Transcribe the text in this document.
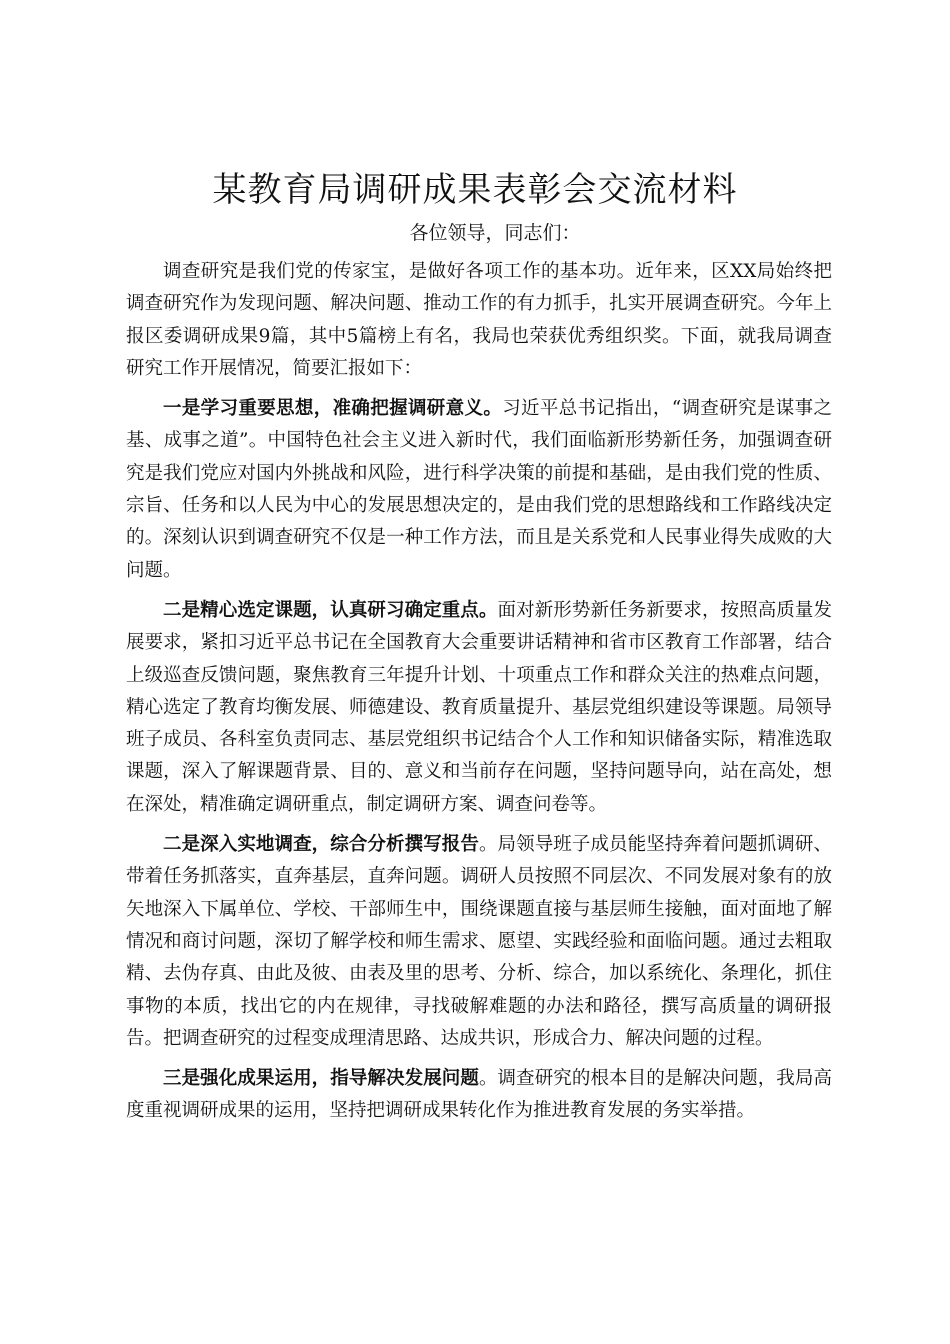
某教育局调研成果表彰会交流材料

各位领导，同志们：

调查研究是我们党的传家宝，是做好各项工作的基本功。近年来，区XX局始终把调查研究作为发现问题、解决问题、推动工作的有力抓手，扎实开展调查研究。今年上报区委调研成果9篇，其中5篇榜上有名，我局也荣获优秀组织奖。下面，就我局调查研究工作开展情况，简要汇报如下：

一是学习重要思想，准确把握调研意义。习近平总书记指出，“调查研究是谋事之基、成事之道”。中国特色社会主义进入新时代，我们面临新形势新任务，加强调查研究是我们党应对国内外挑战和风险，进行科学决策的前提和基础，是由我们党的性质、宗旨、任务和以人民为中心的发展思想决定的，是由我们党的思想路线和工作路线决定的。深刻认识到调查研究不仅是一种工作方法，而且是关系党和人民事业得失成败的大问题。

二是精心选定课题，认真研习确定重点。面对新形势新任务新要求，按照高质量发展要求，紧扣习近平总书记在全国教育大会重要讲话精神和省市区教育工作部署，结合上级巡查反馈问题，聚焦教育三年提升计划、十项重点工作和群众关注的热难点问题，精心选定了教育均衡发展、师德建设、教育质量提升、基层党组织建设等课题。局领导班子成员、各科室负责同志、基层党组织书记结合个人工作和知识储备实际，精准选取课题，深入了解课题背景、目的、意义和当前存在问题，坚持问题导向，站在高处，想在深处，精准确定调研重点，制定调研方案、调查问卷等。

二是深入实地调查，综合分析撰写报告。局领导班子成员能坚持奔着问题抓调研、带着任务抓落实，直奔基层，直奔问题。调研人员按照不同层次、不同发展对象有的放矢地深入下属单位、学校、干部师生中，围绕课题直接与基层师生接触，面对面地了解情况和商讨问题，深切了解学校和师生需求、愿望、实践经验和面临问题。通过去粗取精、去伪存真、由此及彼、由表及里的思考、分析、综合，加以系统化、条理化，抓住事物的本质，找出它的内在规律，寻找破解难题的办法和路径，撰写高质量的调研报告。把调查研究的过程变成理清思路、达成共识，形成合力、解决问题的过程。

三是强化成果运用，指导解决发展问题。调查研究的根本目的是解决问题，我局高度重视调研成果的运用，坚持把调研成果转化作为推进教育发展的务实举措。
